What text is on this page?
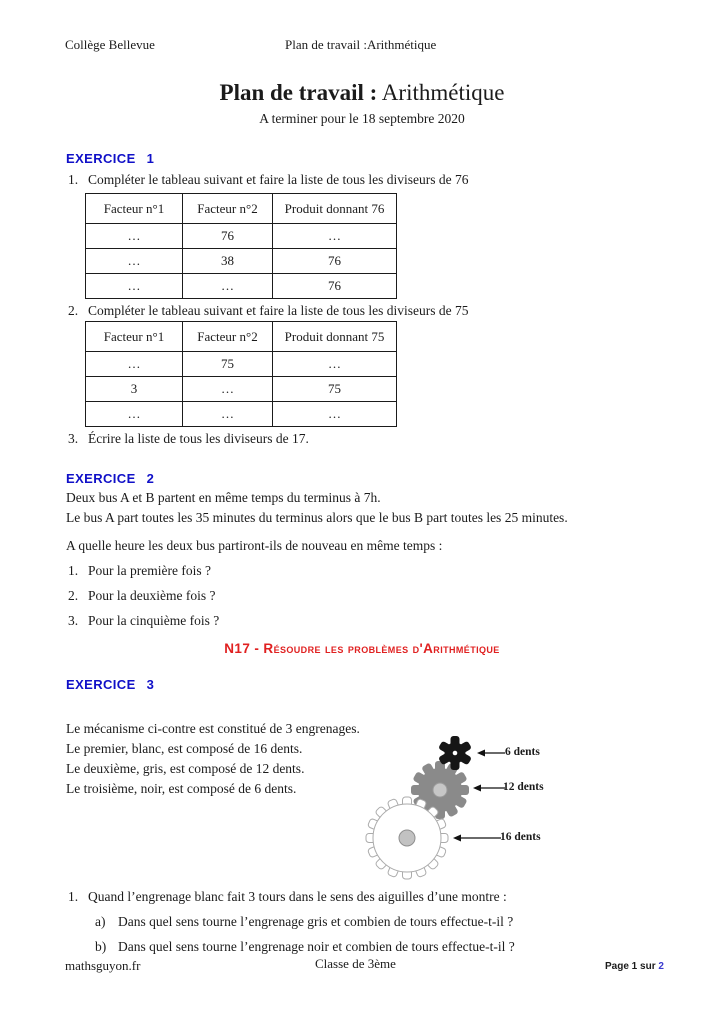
Collège Bellevue	Plan de travail :Arithmétique
Plan de travail : Arithmétique
A terminer pour le 18 septembre 2020
EXERCICE 1
1. Compléter le tableau suivant et faire la liste de tous les diviseurs de 76
Facteur n°1	Facteur n°2	Produit donnant 76
…	76	…
…	38	76
…	…	76
2. Compléter le tableau suivant et faire la liste de tous les diviseurs de 75
Facteur n°1	Facteur n°2	Produit donnant 75
…	75	…
3	…	75
…	…	…
3. Écrire la liste de tous les diviseurs de 17.
EXERCICE 2
Deux bus A et B partent en même temps du terminus à 7h.
Le bus A part toutes les 35 minutes du terminus alors que le bus B part toutes les 25 minutes.
A quelle heure les deux bus partiront-ils de nouveau en même temps :
1. Pour la première fois ?
2. Pour la deuxième fois ?
3. Pour la cinquième fois ?
N17 - Résoudre les problèmes d'Arithmétique
EXERCICE 3
Le mécanisme ci-contre est constitué de 3 engrenages.
Le premier, blanc, est composé de 16 dents.
Le deuxième, gris, est composé de 12 dents.
Le troisième, noir, est composé de 6 dents.
6 dents
12 dents
16 dents
1. Quand l’engrenage blanc fait 3 tours dans le sens des aiguilles d’une montre :
a) Dans quel sens tourne l’engrenage gris et combien de tours effectue-t-il ?
b) Dans quel sens tourne l’engrenage noir et combien de tours effectue-t-il ?
mathsguyon.fr	Classe de 3ème	Page 1 sur 2
